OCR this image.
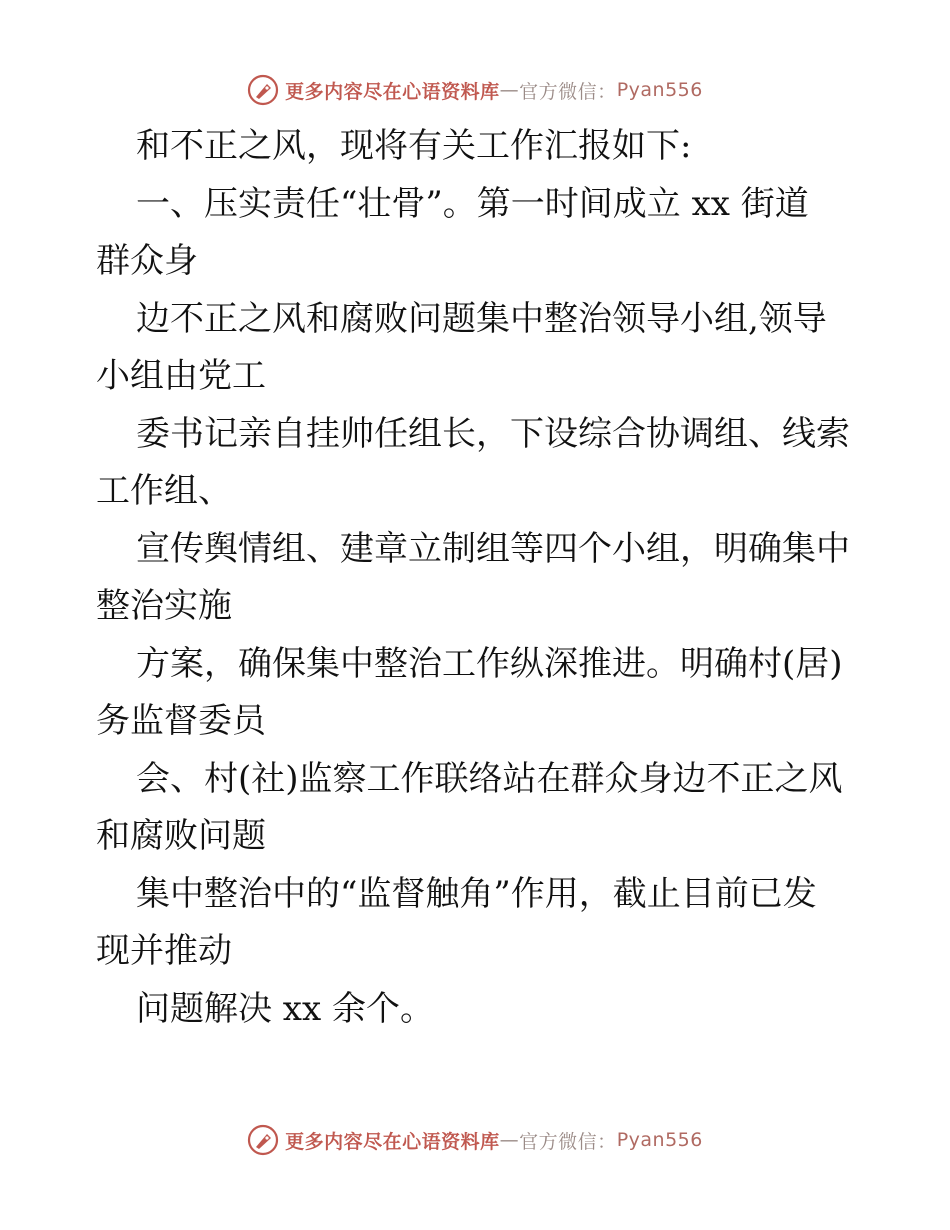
更多内容尽在心语资料库 — 官方微信： Pyan556
和不正之风，现将有关工作汇报如下:
一、压实责任“壮骨”。第一时间成立 xx 街道
群众身
边不正之风和腐败问题集中整治领导小组,领导
小组由党工
委书记亲自挂帅任组长，下设综合协调组、线索
工作组、
宣传舆情组、建章立制组等四个小组，明确集中
整治实施
方案，确保集中整治工作纵深推进。明确村(居)
务监督委员
会、村(社)监察工作联络站在群众身边不正之风
和腐败问题
集中整治中的“监督触角”作用，截止目前已发
现并推动
问题解决 xx 余个。
更多内容尽在心语资料库 — 官方微信： Pyan556
